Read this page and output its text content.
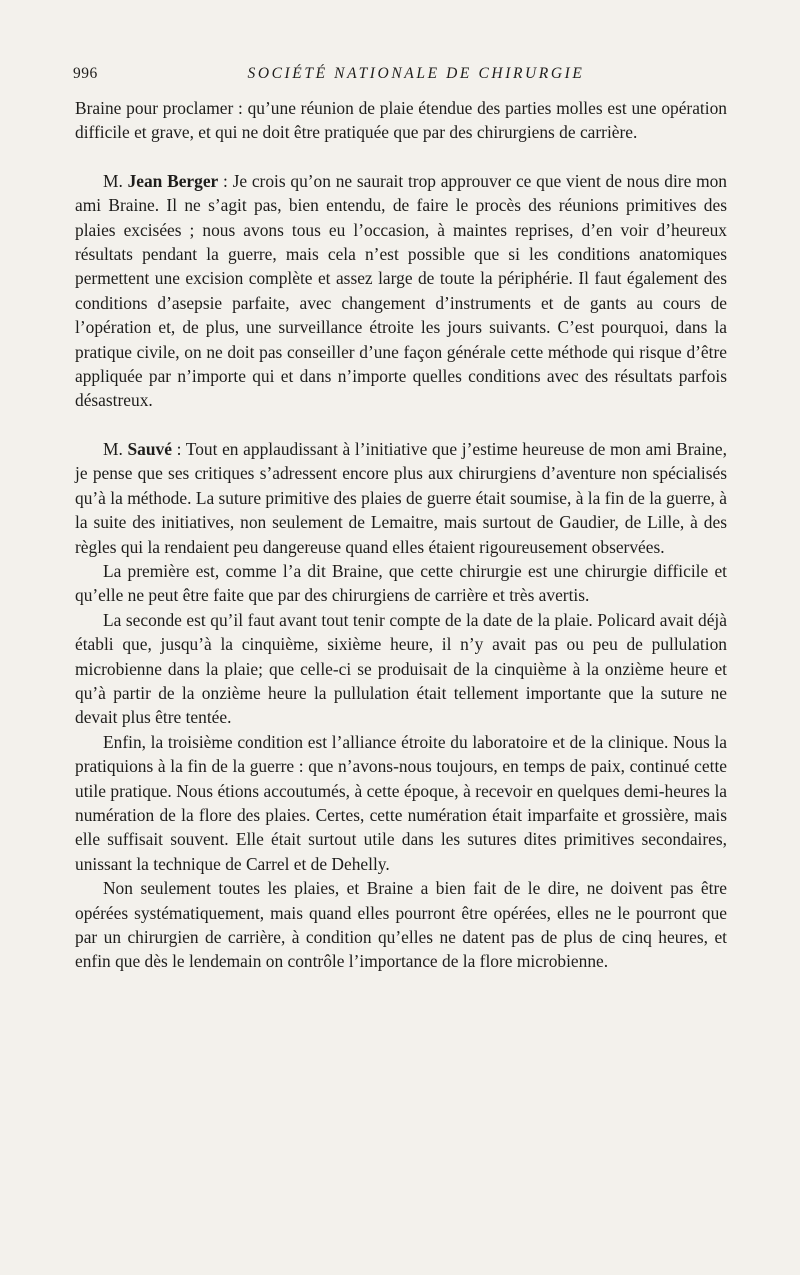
996	SOCIÉTÉ NATIONALE DE CHIRURGIE

Braine pour proclamer : qu’une réunion de plaie étendue des parties molles est une opération difficile et grave, et qui ne doit être pratiquée que par des chirurgiens de carrière.

M. Jean Berger : Je crois qu’on ne saurait trop approuver ce que vient de nous dire mon ami Braine. Il ne s’agit pas, bien entendu, de faire le procès des réunions primitives des plaies excisées ; nous avons tous eu l’occasion, à maintes reprises, d’en voir d’heureux résultats pendant la guerre, mais cela n’est possible que si les conditions anatomiques permettent une excision complète et assez large de toute la périphérie. Il faut également des conditions d’asepsie parfaite, avec changement d’instruments et de gants au cours de l’opération et, de plus, une surveillance étroite les jours suivants. C’est pourquoi, dans la pratique civile, on ne doit pas conseiller d’une façon générale cette méthode qui risque d’être appliquée par n’importe qui et dans n’importe quelles conditions avec des résultats parfois désastreux.

M. Sauvé : Tout en applaudissant à l’initiative que j’estime heureuse de mon ami Braine, je pense que ses critiques s’adressent encore plus aux chirurgiens d’aventure non spécialisés qu’à la méthode. La suture primitive des plaies de guerre était soumise, à la fin de la guerre, à la suite des initiatives, non seulement de Lemaitre, mais surtout de Gaudier, de Lille, à des règles qui la rendaient peu dangereuse quand elles étaient rigoureusement observées.

La première est, comme l’a dit Braine, que cette chirurgie est une chirurgie difficile et qu’elle ne peut être faite que par des chirurgiens de carrière et très avertis.

La seconde est qu’il faut avant tout tenir compte de la date de la plaie. Policard avait déjà établi que, jusqu’à la cinquième, sixième heure, il n’y avait pas ou peu de pullulation microbienne dans la plaie; que celle-ci se produisait de la cinquième à la onzième heure et qu’à partir de la onzième heure la pullulation était tellement importante que la suture ne devait plus être tentée.

Enfin, la troisième condition est l’alliance étroite du laboratoire et de la clinique. Nous la pratiquions à la fin de la guerre : que n’avons-nous toujours, en temps de paix, continué cette utile pratique. Nous étions accoutumés, à cette époque, à recevoir en quelques demi-heures la numération de la flore des plaies. Certes, cette numération était imparfaite et grossière, mais elle suffisait souvent. Elle était surtout utile dans les sutures dites primitives secondaires, unissant la technique de Carrel et de Dehelly.

Non seulement toutes les plaies, et Braine a bien fait de le dire, ne doivent pas être opérées systématiquement, mais quand elles pourront être opérées, elles ne le pourront que par un chirurgien de carrière, à condition qu’elles ne datent pas de plus de cinq heures, et enfin que dès le lendemain on contrôle l’importance de la flore microbienne.
